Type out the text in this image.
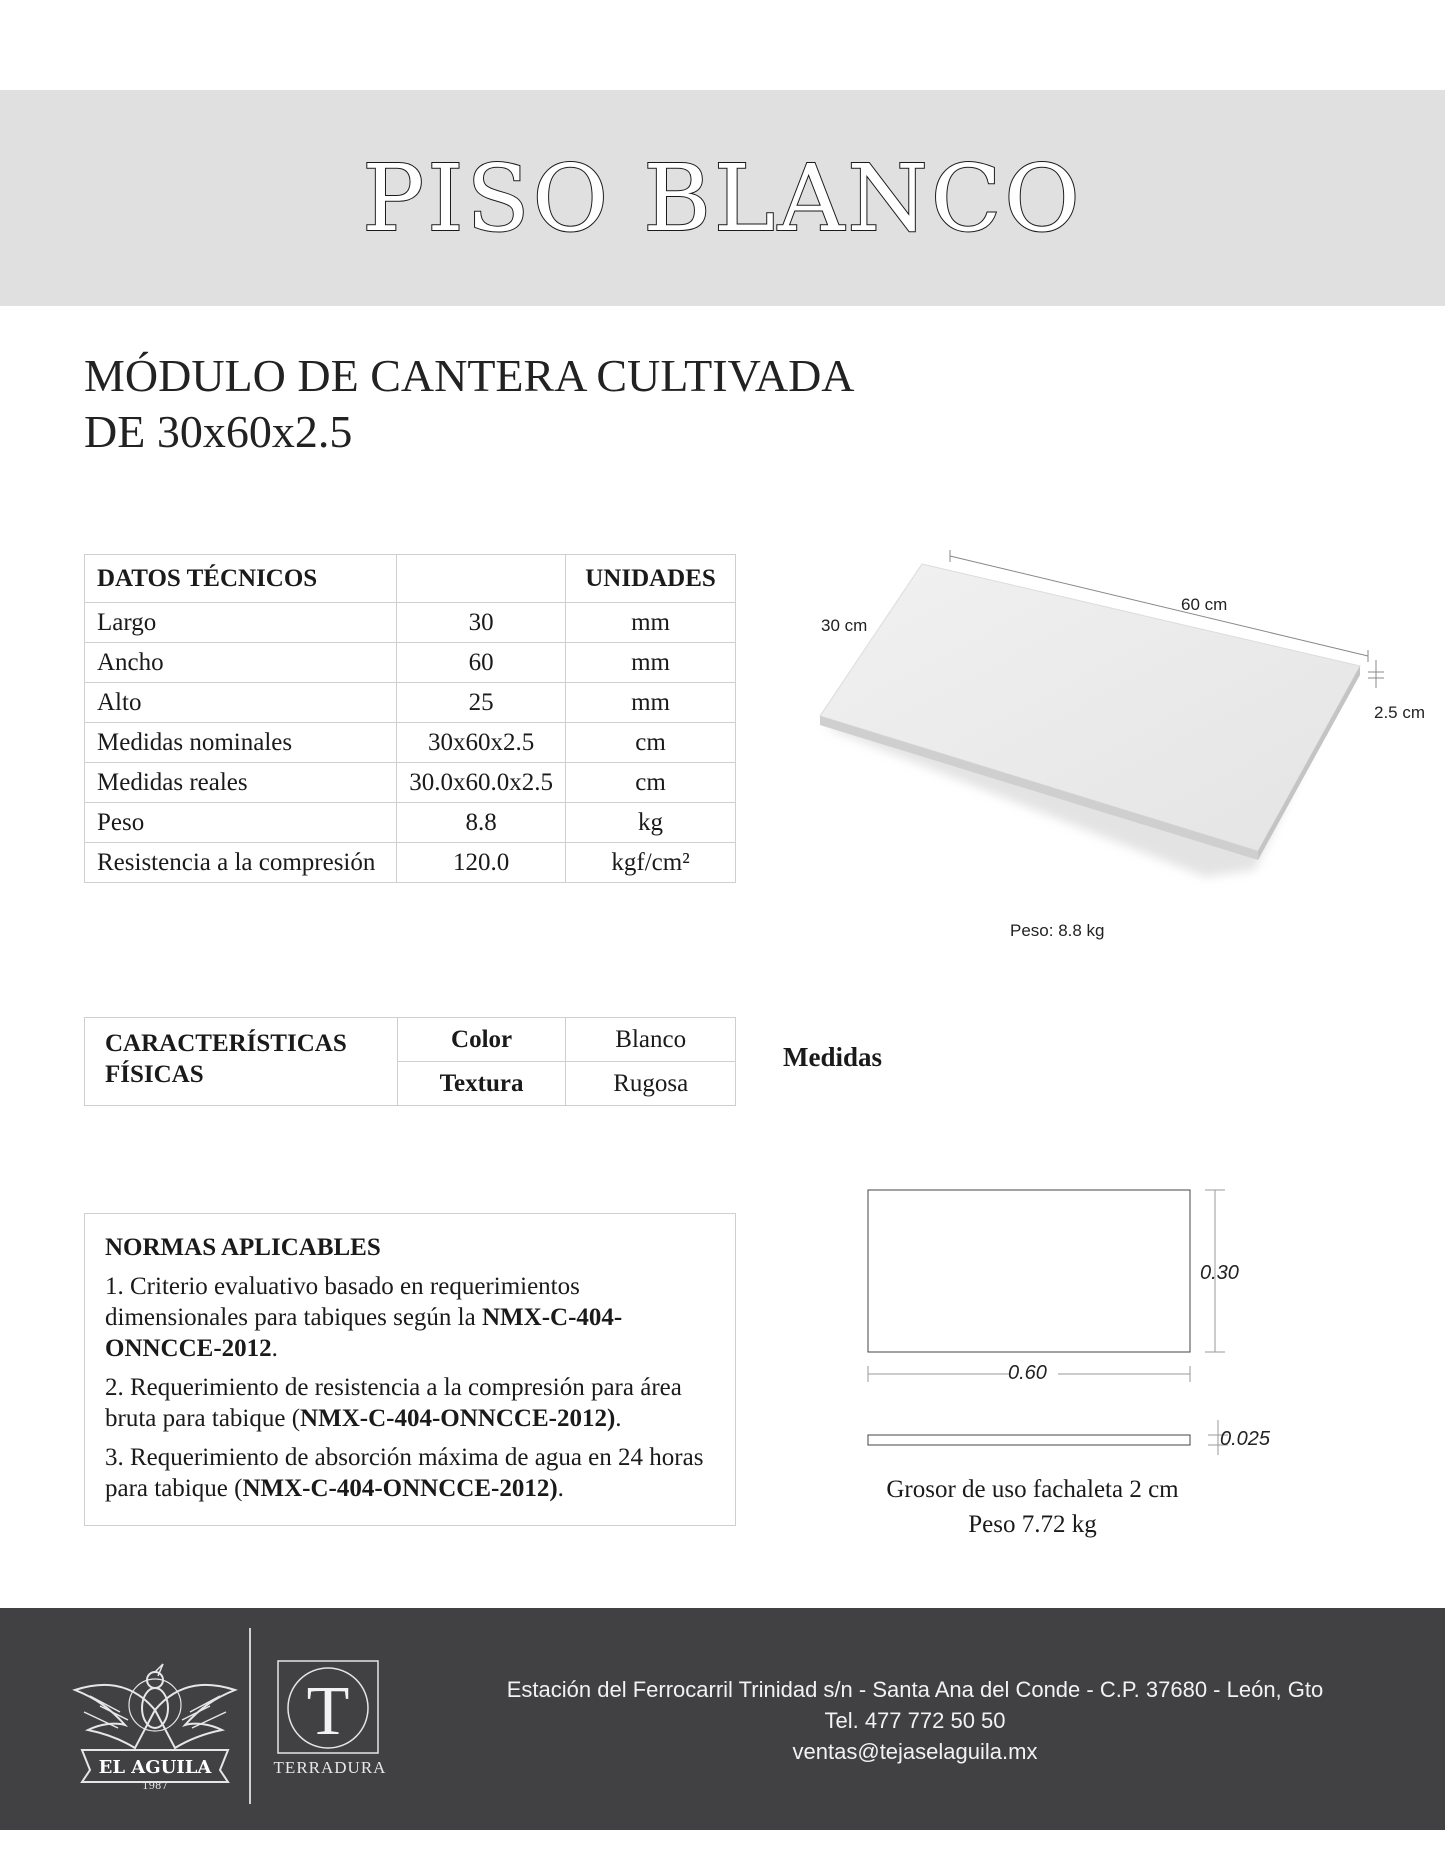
PISO BLANCO
MÓDULO DE CANTERA CULTIVADA
DE 30x60x2.5
DATOS TÉCNICOS		UNIDADES
Largo	30	mm
Ancho	60	mm
Alto	25	mm
Medidas nominales	30x60x2.5	cm
Medidas reales	30.0x60.0x2.5	cm
Peso	8.8	kg
Resistencia a la compresión	120.0	kgf/cm²
60 cm
30 cm
2.5 cm
Peso: 8.8 kg
CARACTERÍSTICAS
FÍSICAS	Color	Blanco
	Textura	Rugosa
Medidas
NORMAS APLICABLES

1. Criterio evaluativo basado en requerimientos dimensionales para tabiques según la NMX-C-404-ONNCCE-2012.

2. Requerimiento de resistencia a la compresión para área bruta para tabique (NMX-C-404-ONNCCE-2012).

3. Requerimiento de absorción máxima de agua en 24 horas para tabique (NMX-C-404-ONNCCE-2012).

0.30
0.60
0.025
Grosor de uso fachaleta 2 cm
Peso 7.72 kg
EL AGUILA
1987
T
TERRADURA
Estación del Ferrocarril Trinidad s/n - Santa Ana del Conde - C.P. 37680 - León, Gto
Tel. 477 772 50 50
ventas@tejaselaguila.mx
